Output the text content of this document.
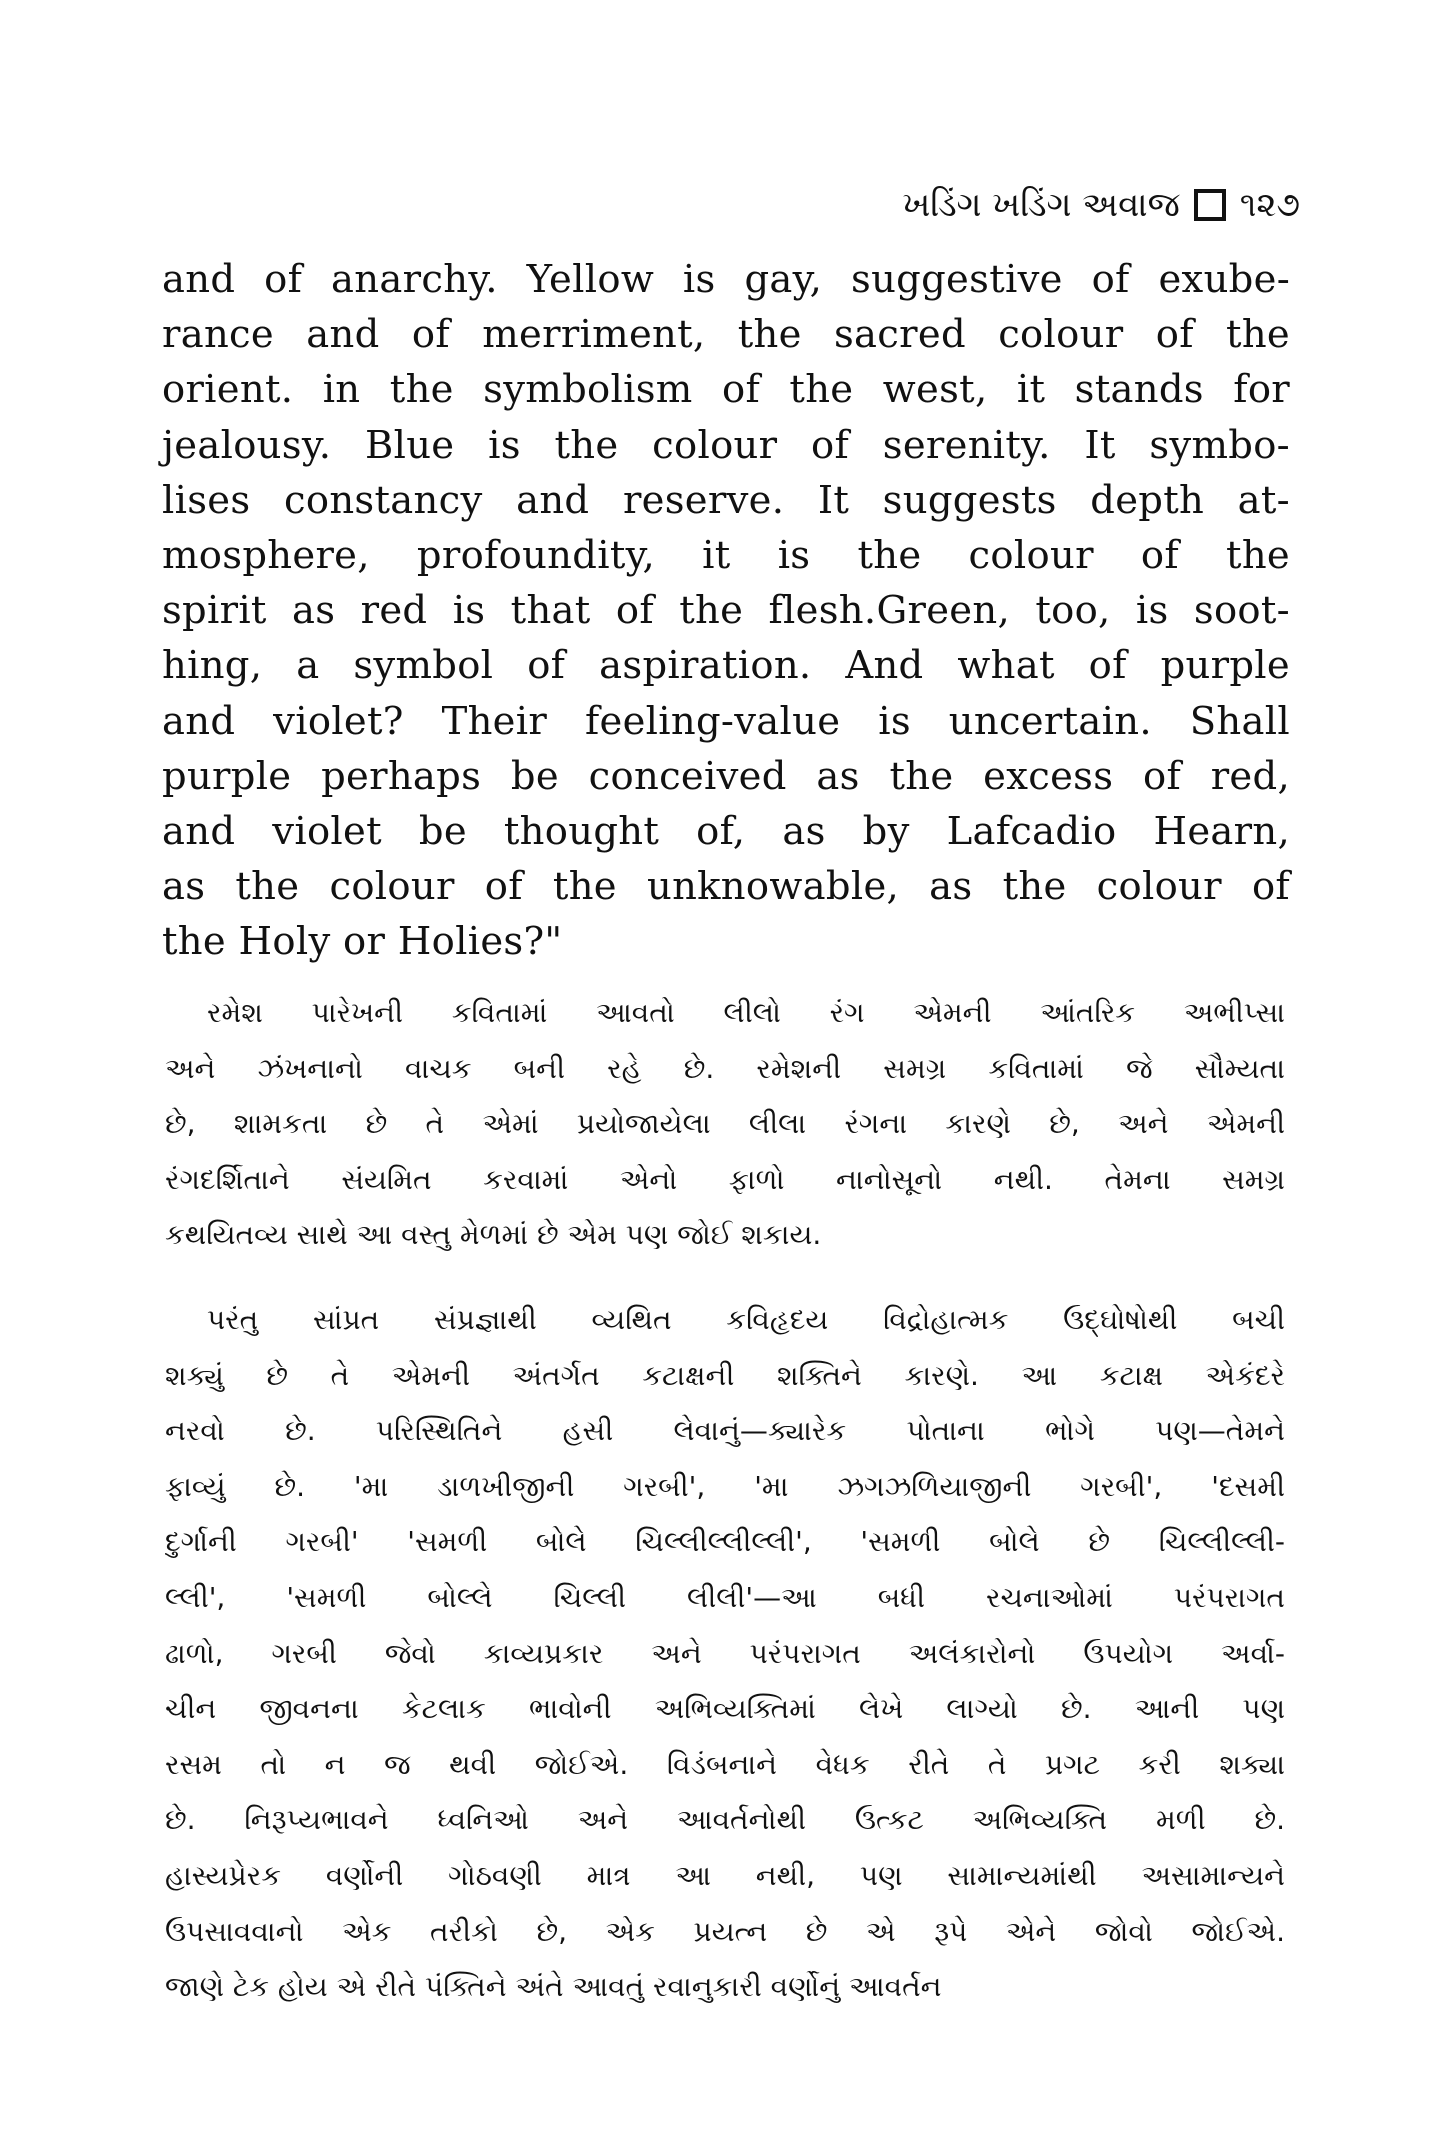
ખડિંગ ખડિંગ અવાજ ૧૨૭
and of anarchy. Yellow is gay, suggestive of exube-
rance and of merriment, the sacred colour of the
orient. in the symbolism of the west, it stands for
jealousy. Blue is the colour of serenity. It symbo-
lises constancy and reserve. It suggests depth at-
mosphere, profoundity, it is the colour of the
spirit as red is that of the flesh.Green, too, is soot-
hing, a symbol of aspiration. And what of purple
and violet? Their feeling-value is uncertain. Shall
purple perhaps be conceived as the excess of red,
and violet be thought of, as by Lafcadio Hearn,
as the colour of the unknowable, as the colour of
the Holy or Holies?"
રમેશ પારેખની કવિતામાં આવતો લીલો રંગ એમની આંતરિક અભીપ્સા
અને ઝંખનાનો વાચક બની રહે છે. રમેશની સમગ્ર કવિતામાં જે સૌમ્યતા
છે, શામકતા છે તે એમાં પ્રયોજાયેલા લીલા રંગના કારણે છે, અને એમની
રંગદર્શિતાને સંયમિત કરવામાં એનો ફાળો નાનોસૂનો નથી. તેમના સમગ્ર
કથયિતવ્ય સાથે આ વસ્તુ મેળમાં છે એમ પણ જોઈ શકાય.
પરંતુ સાંપ્રત સંપ્રજ્ઞાથી વ્યથિત કવિહૃદય વિદ્રોહાત્મક ઉદ્ઘોષોથી બચી
શક્યું છે તે એમની અંતર્ગત કટાક્ષની શક્તિને કારણે. આ કટાક્ષ એકંદરે
નરવો છે. પરિસ્થિતિને હસી લેવાનું—ક્યારેક પોતાના ભોગે પણ—તેમને
ફાવ્યું છે. 'મા ડાળખીજીની ગરબી', 'મા ઝગઝળિયાજીની ગરબી', 'દસમી
દુર્ગાની ગરબી' 'સમળી બોલે ચિલ્લીલ્લીલ્લી', 'સમળી બોલે છે ચિલ્લીલ્લી-
લ્લી', 'સમળી બોલ્લે ચિલ્લી લીલી'—આ બધી રચનાઓમાં પરંપરાગત
ઢાળો, ગરબી જેવો કાવ્યપ્રકાર અને પરંપરાગત અલંકારોનો ઉપયોગ અર્વા-
ચીન જીવનના કેટલાક ભાવોની અભિવ્યક્તિમાં લેખે લાગ્યો છે. આની પણ
રસમ તો ન જ થવી જોઈએ. વિડંબનાને વેધક રીતે તે પ્રગટ કરી શક્યા
છે. નિરૂપ્યભાવને ધ્વનિઓ અને આવર્તનોથી ઉત્કટ અભિવ્યક્તિ મળી છે.
હાસ્યપ્રેરક વર્ણોની ગોઠવણી માત્ર આ નથી, પણ સામાન્યમાંથી અસામાન્યને
ઉપસાવવાનો એક તરીકો છે, એક પ્રયત્ન છે એ રૂપે એને જોવો જોઈએ.
જાણે ટેક હોય એ રીતે પંક્તિને અંતે આવતું રવાનુકારી વર્ણોનું આવર્તન
